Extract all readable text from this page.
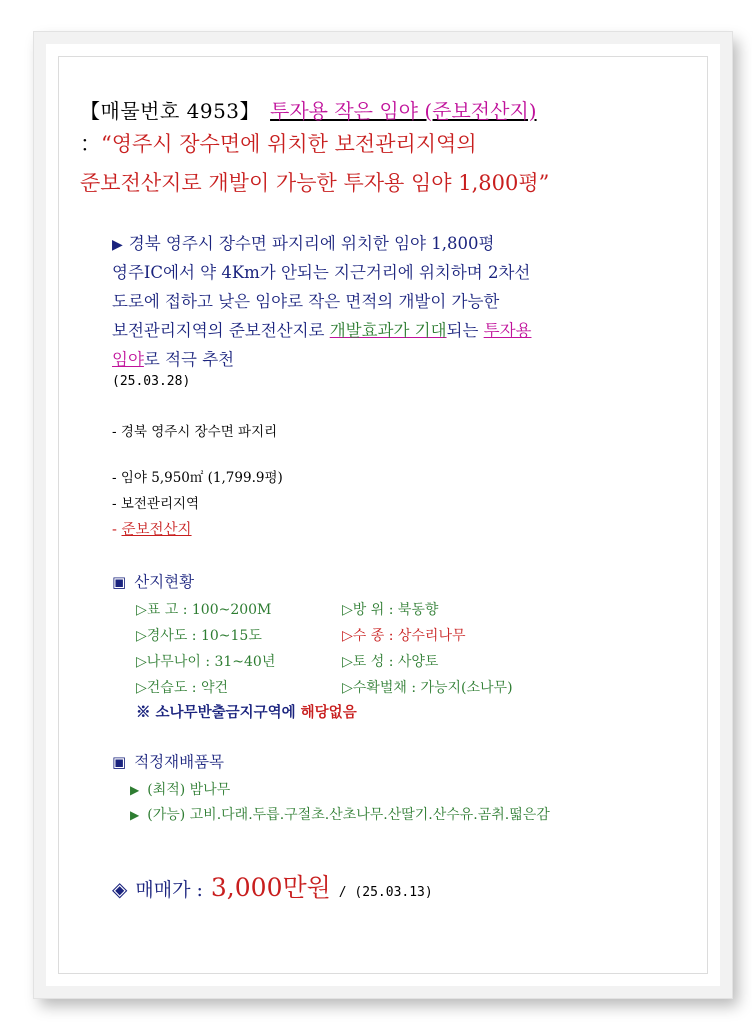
【매물번호 4953】 투자용 작은 임야 (준보전산지)
：“영주시 장수면에 위치한 보전관리지역의
준보전산지로 개발이 가능한 투자용 임야 1,800평”
▶ 경북 영주시 장수면 파지리에 위치한 임야 1,800평
영주IC에서 약 4Km가 안되는 지근거리에 위치하며 2차선
도로에 접하고 낮은 임야로 작은 면적의 개발이 가능한
보전관리지역의 준보전산지로 개발효과가 기대되는 투자용
임야로 적극 추천
(25.03.28)
- 경북 영주시 장수면 파지리
- 임야 5,950㎡ (1,799.9평)
- 보전관리지역
- 준보전산지
▣ 산지현황
▷표 고 : 100~200M	▷방 위 : 북동향
▷경사도 : 10~15도	▷수 종 : 상수리나무
▷나무나이 : 31~40년	▷토 성 : 사양토
▷건습도 : 약건	▷수확벌채 : 가능지(소나무)
※ 소나무반출금지구역에 해당없음
▣ 적정재배품목
▶ (최적) 밤나무
▶ (가능) 고비.다래.두릅.구절초.산초나무.산딸기.산수유.곰취.떫은감
◈ 매매가 : 3,000만원 / (25.03.13)
